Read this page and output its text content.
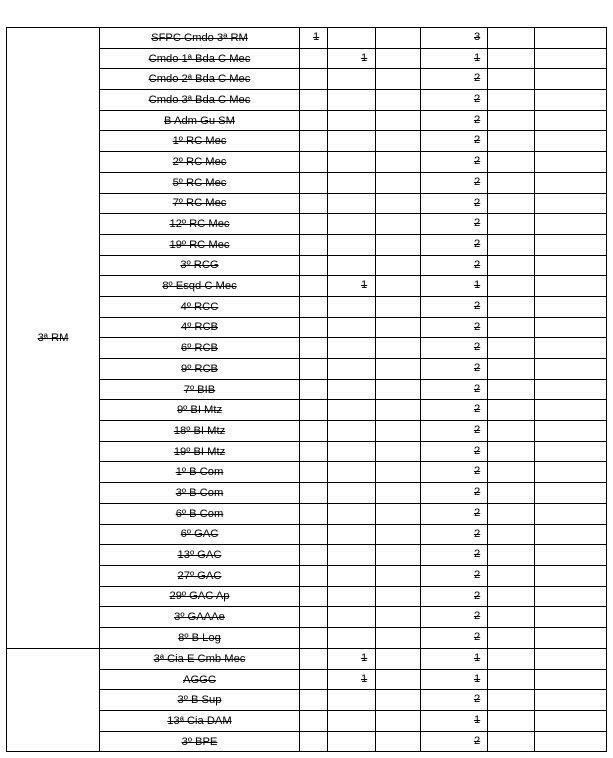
3ª RM	SFPC Cmdo 3ª RM	1			3		

	Cmdo 1ª Bda C Mec		1		1		

	Cmdo 2ª Bda C Mec				2		

	Cmdo 3ª Bda C Mec				2		

	B Adm Gu SM				2		

	1º RC Mec				2		

	2º RC Mec				2		

	5º RC Mec				2		

	7º RC Mec				2		

	12º RC Mec				2		

	19º RC Mec				2		

	3º RCG				2		

	8º Esqd C Mec		1		1		

	4º RCC				2		

	4º RCB				2		

	6º RCB				2		

	9º RCB				2		

	7º BIB				2		

	9º BI Mtz				2		

	18º BI Mtz				2		

	19º BI Mtz				2		

	1º B Com				2		

	3º B Com				2		

	6º B Com				2		

	6º GAC				2		

	13º GAC				2		

	27º GAC				2		

	29º GAC Ap				2		

	3º GAAAe				2		

	8º B Log				2		

	3ª Cia E Cmb Mec		1		1		

	AGGC		1		1		

	3º B Sup				2		

	13ª Cia DAM				1		

	3º BPE				2		
